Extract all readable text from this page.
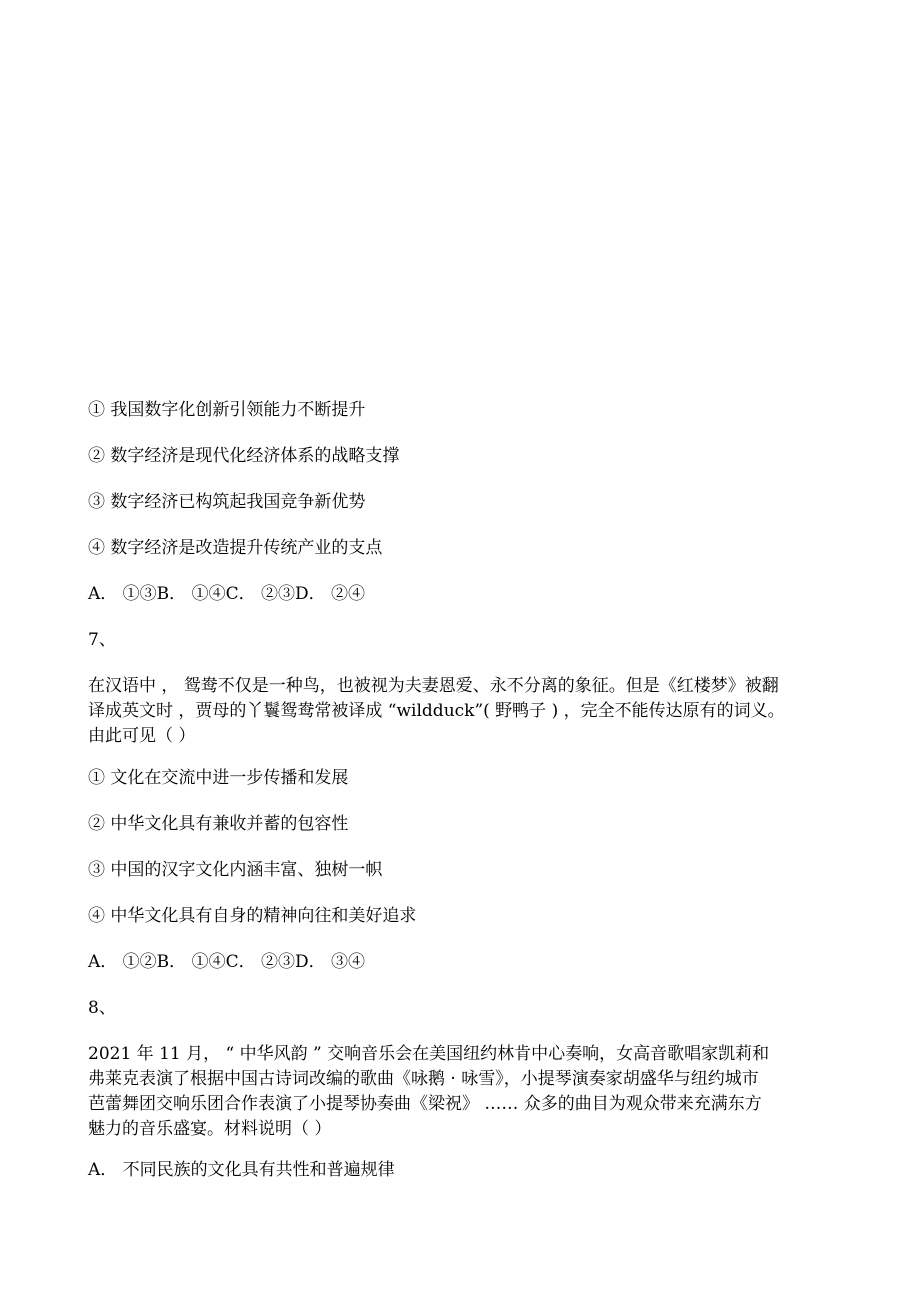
① 我国数字化创新引领能力不断提升
② 数字经济是现代化经济体系的战略支撑
③ 数字经济已构筑起我国竞争新优势
④ 数字经济是改造提升传统产业的支点
A． ①③B． ①④C． ②③D． ②④
7、
在汉语中 ， 鸳鸯不仅是一种鸟，也被视为夫妻恩爱、永不分离的象征。但是《红楼梦》被翻
译成英文时 ，贾母的丫鬟鸳鸯常被译成 “wildduck”( 野鸭子 ) ，完全不能传达原有的词义。
由此可见（ ）
① 文化在交流中进一步传播和发展
② 中华文化具有兼收并蓄的包容性
③ 中国的汉字文化内涵丰富、独树一帜
④ 中华文化具有自身的精神向往和美好追求
A． ①②B． ①④C． ②③D． ③④
8、
2021 年 11 月， “ 中华风韵 ” 交响音乐会在美国纽约林肯中心奏响，女高音歌唱家凯莉和
弗莱克表演了根据中国古诗词改编的歌曲《咏鹅 · 咏雪》，小提琴演奏家胡盛华与纽约城市
芭蕾舞团交响乐团合作表演了小提琴协奏曲《梁祝》 …… 众多的曲目为观众带来充满东方
魅力的音乐盛宴。材料说明（ ）
A． 不同民族的文化具有共性和普遍规律
